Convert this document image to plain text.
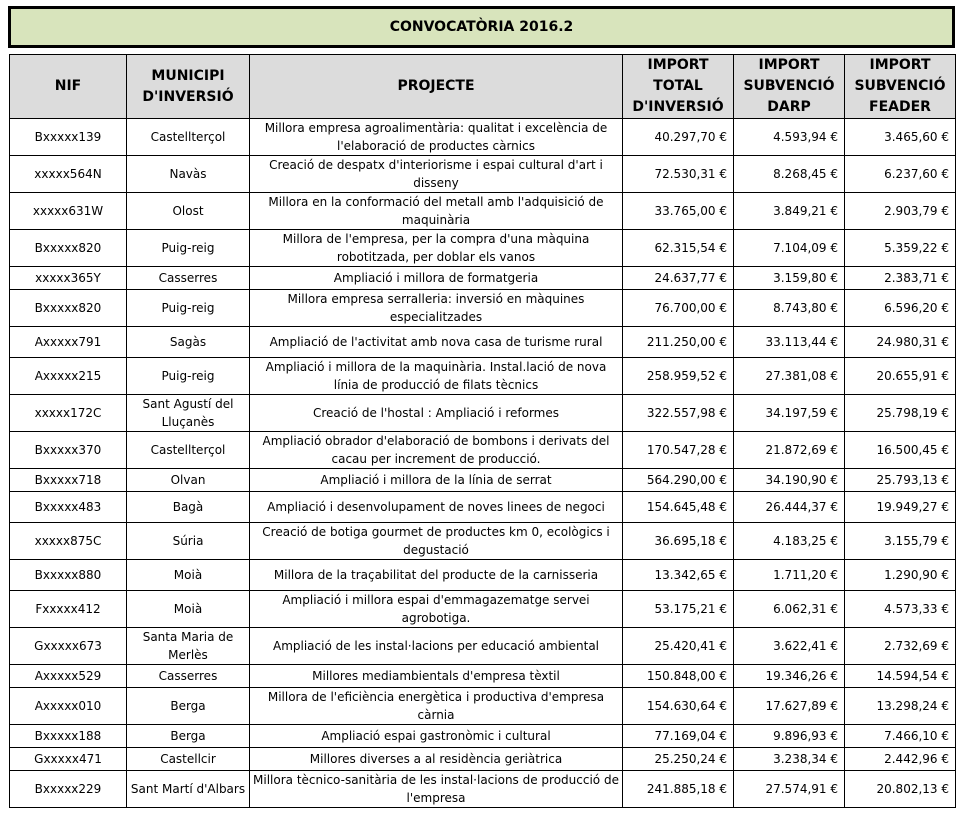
CONVOCATÒRIA 2016.2
NIF	MUNICIPI D'INVERSIÓ	PROJECTE	IMPORT TOTAL D'INVERSIÓ	IMPORT SUBVENCIÓ DARP	IMPORT SUBVENCIÓ FEADER
Bxxxxx139	Castellterçol	Millora empresa agroalimentària: qualitat i excelència de l'elaboració de productes càrnics	40.297,70 €	4.593,94 €	3.465,60 €
xxxxx564N	Navàs	Creació de despatx d'interiorisme i espai cultural d'art i disseny	72.530,31 €	8.268,45 €	6.237,60 €
xxxxx631W	Olost	Millora en la conformació del metall amb l'adquisició de maquinària	33.765,00 €	3.849,21 €	2.903,79 €
Bxxxxx820	Puig-reig	Millora de l'empresa, per la compra d'una màquina robotitzada, per doblar els vanos	62.315,54 €	7.104,09 €	5.359,22 €
xxxxx365Y	Casserres	Ampliació i millora de formatgeria	24.637,77 €	3.159,80 €	2.383,71 €
Bxxxxx820	Puig-reig	Millora empresa serralleria: inversió en màquines especialitzades	76.700,00 €	8.743,80 €	6.596,20 €
Axxxxx791	Sagàs	Ampliació de l'activitat amb nova casa de turisme rural	211.250,00 €	33.113,44 €	24.980,31 €
Axxxxx215	Puig-reig	Ampliació i millora de la maquinària. Instal.lació de nova línia de producció de filats tècnics	258.959,52 €	27.381,08 €	20.655,91 €
xxxxx172C	Sant Agustí del Lluçanès	Creació de l'hostal : Ampliació i reformes	322.557,98 €	34.197,59 €	25.798,19 €
Bxxxxx370	Castellterçol	Ampliació obrador d'elaboració de bombons i derivats del cacau per increment de producció.	170.547,28 €	21.872,69 €	16.500,45 €
Bxxxxx718	Olvan	Ampliació i millora de la línia de serrat	564.290,00 €	34.190,90 €	25.793,13 €
Bxxxxx483	Bagà	Ampliació i desenvolupament de noves linees de negoci	154.645,48 €	26.444,37 €	19.949,27 €
xxxxx875C	Súria	Creació de botiga gourmet de productes km 0, ecològics i degustació	36.695,18 €	4.183,25 €	3.155,79 €
Bxxxxx880	Moià	Millora de la traçabilitat del producte de la carnisseria	13.342,65 €	1.711,20 €	1.290,90 €
Fxxxxx412	Moià	Ampliació i millora espai d'emmagazematge servei agrobotiga.	53.175,21 €	6.062,31 €	4.573,33 €
Gxxxxx673	Santa Maria de Merlès	Ampliació de les instal·lacions per educació ambiental	25.420,41 €	3.622,41 €	2.732,69 €
Axxxxx529	Casserres	Millores mediambientals d'empresa tèxtil	150.848,00 €	19.346,26 €	14.594,54 €
Axxxxx010	Berga	Millora de l'eficiència energètica i productiva d'empresa càrnia	154.630,64 €	17.627,89 €	13.298,24 €
Bxxxxx188	Berga	Ampliació espai gastronòmic i cultural	77.169,04 €	9.896,93 €	7.466,10 €
Gxxxxx471	Castellcir	Millores diverses a al residència geriàtrica	25.250,24 €	3.238,34 €	2.442,96 €
Bxxxxx229	Sant Martí d'Albars	Millora tècnico-sanitària de les instal·lacions de producció de l'empresa	241.885,18 €	27.574,91 €	20.802,13 €
